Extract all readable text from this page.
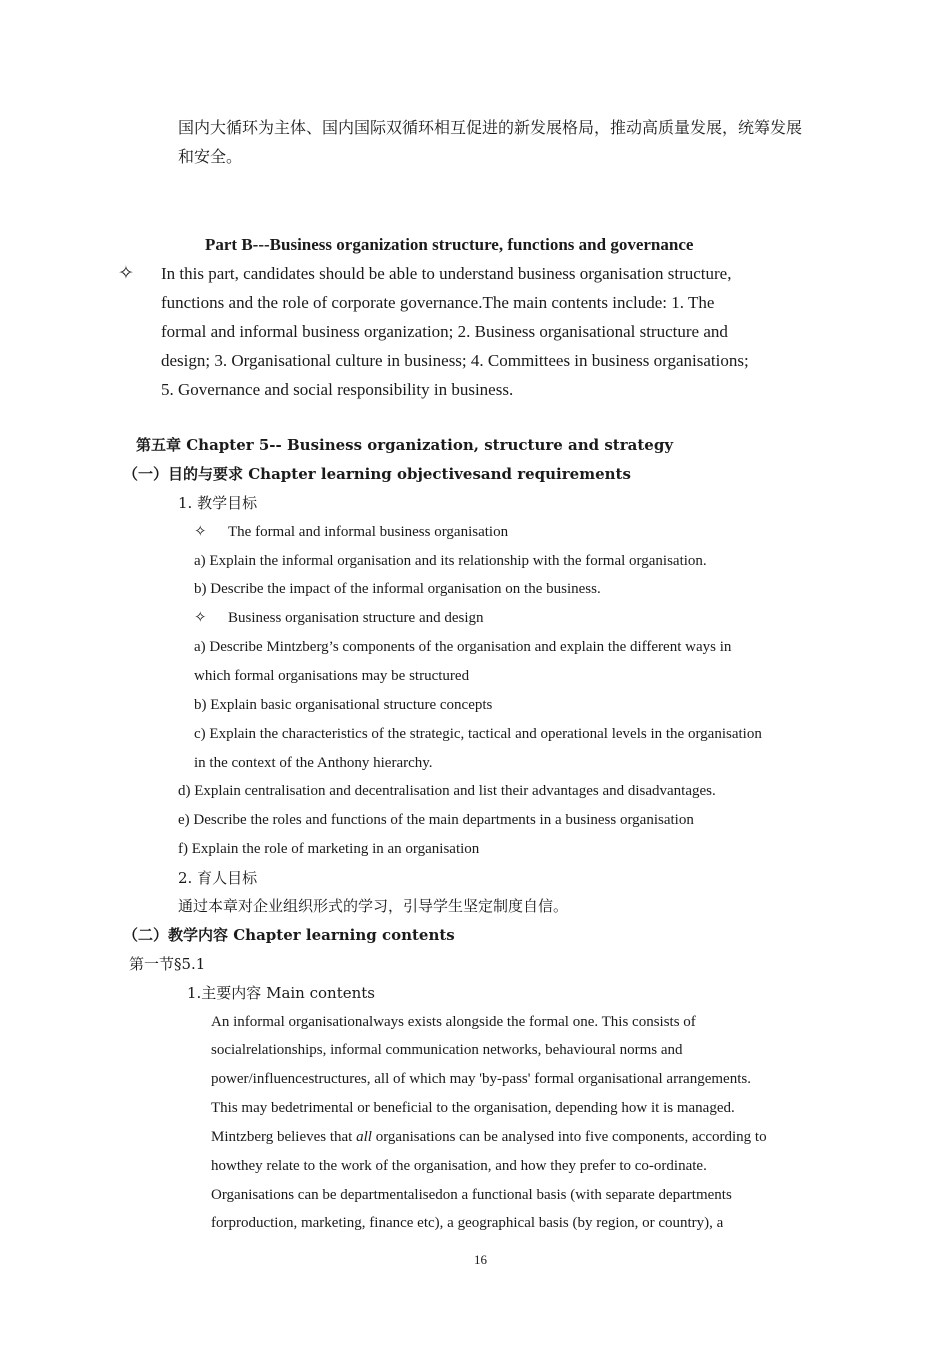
国内大循环为主体、国内国际双循环相互促进的新发展格局，推动高质量发展，统筹发展
和安全。
Part B---Business organization structure, functions and governance
✧ In this part, candidates should be able to understand business organisation structure,
functions and the role of corporate governance.The main contents include: 1. The
formal and informal business organization; 2. Business organisational structure and
design; 3. Organisational culture in business; 4. Committees in business organisations;
5. Governance and social responsibility in business.
第五章 Chapter 5-- Business organization, structure and strategy
（一）目的与要求 Chapter learning objectivesand requirements
1. 教学目标
✧ The formal and informal business organisation
a) Explain the informal organisation and its relationship with the formal organisation.
b) Describe the impact of the informal organisation on the business.
✧ Business organisation structure and design
a) Describe Mintzberg’s components of the organisation and explain the different ways in
which formal organisations may be structured
b) Explain basic organisational structure concepts
c) Explain the characteristics of the strategic, tactical and operational levels in the organisation
in the context of the Anthony hierarchy.
d) Explain centralisation and decentralisation and list their advantages and disadvantages.
e) Describe the roles and functions of the main departments in a business organisation
f) Explain the role of marketing in an organisation
2. 育人目标
通过本章对企业组织形式的学习，引导学生坚定制度自信。
（二）教学内容 Chapter learning contents
第一节§5.1
1.主要内容 Main contents
An informal organisationalways exists alongside the formal one. This consists of
socialrelationships, informal communication networks, behavioural norms and
power/influencestructures, all of which may 'by-pass' formal organisational arrangements.
This may bedetrimental or beneficial to the organisation, depending how it is managed.
Mintzberg believes that all organisations can be analysed into five components, according to
howthey relate to the work of the organisation, and how they prefer to co-ordinate.
Organisations can be departmentalisedon a functional basis (with separate departments
forproduction, marketing, finance etc), a geographical basis (by region, or country), a
16
